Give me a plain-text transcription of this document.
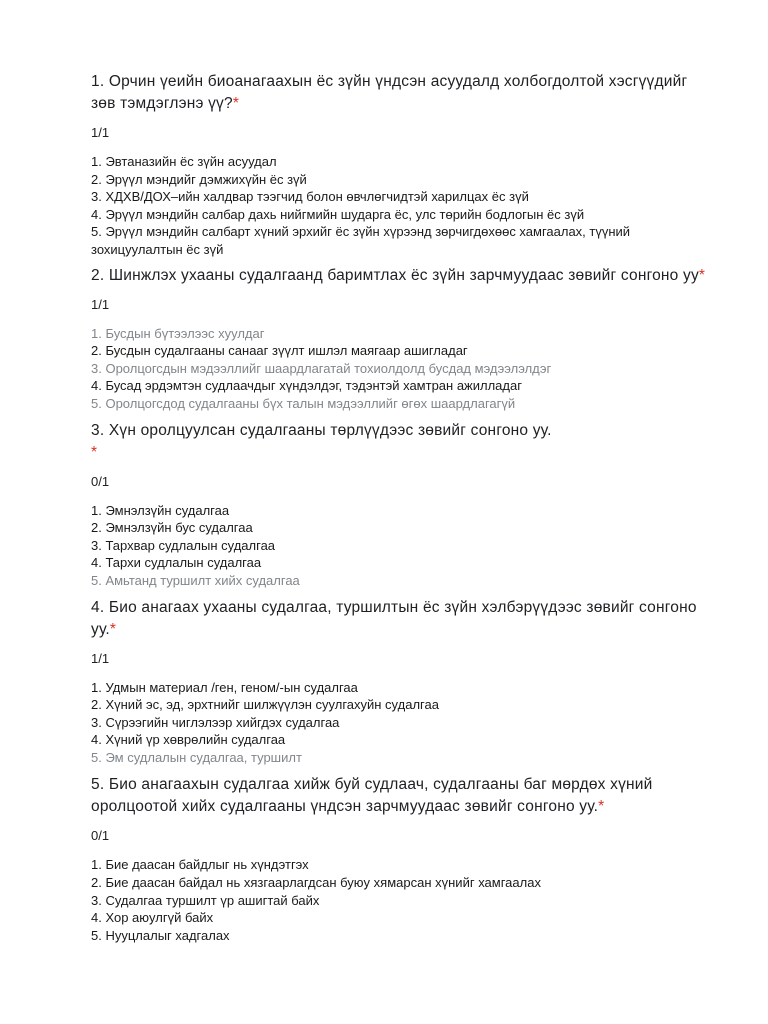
1. Орчин үеийн биоанагаахын ёс зүйн үндсэн асуудалд холбогдолтой хэсгүүдийг зөв тэмдэглэнэ үү?*

1/1
1. Эвтаназийн ёс зүйн асуудал
2. Эрүүл мэндийг дэмжихүйн ёс зүй
3. ХДХВ/ДОХ–ийн халдвар тээгчид болон өвчлөгчидтэй харилцах ёс зүй
4. Эрүүл мэндийн салбар дахь нийгмийн шударга ёс, улс төрийн бодлогын ёс зүй
5. Эрүүл мэндийн салбарт хүний эрхийг ёс зүйн хүрээнд зөрчигдөхөөс хамгаалах, түүний зохицуулалтын ёс зүй

2. Шинжлэх ухааны судалгаанд баримтлах ёс зүйн зарчмуудаас зөвийг сонгоно уу*

1/1
1. Бусдын бүтээлээс хуулдаг
2. Бусдын судалгааны санааг зүүлт ишлэл маягаар ашигладаг
3. Оролцогсдын мэдээллийг шаардлагатай тохиолдолд бусдад мэдээлэлдэг
4. Бусад эрдэмтэн судлаачдыг хүндэлдэг, тэдэнтэй хамтран ажилладаг
5. Оролцогсдод судалгааны бүх талын мэдээллийг өгөх шаардлагагүй

3. Хүн оролцуулсан судалгааны төрлүүдээс зөвийг сонгоно уу.
*

0/1
1. Эмнэлзүйн судалгаа
2. Эмнэлзүйн бус судалгаа
3. Тархвар судлалын судалгаа
4. Тархи судлалын судалгаа
5. Амьтанд туршилт хийх судалгаа

4. Био анагаах ухааны судалгаа, туршилтын ёс зүйн хэлбэрүүдээс зөвийг сонгоно уу.*

1/1
1. Удмын материал /ген, геном/-ын судалгаа
2. Хүний эс, эд, эрхтнийг шилжүүлэн суулгахуйн судалгаа
3. Сүрээгийн чиглэлээр хийгдэх судалгаа
4. Хүний үр хөврөлийн судалгаа
5. Эм судлалын судалгаа, туршилт

5. Био анагаахын судалгаа хийж буй судлаач, судалгааны баг мөрдөх хүний оролцоотой хийх судалгааны үндсэн зарчмуудаас зөвийг сонгоно уу.*

0/1
1. Бие даасан байдлыг нь хүндэтгэх
2. Бие даасан байдал нь хязгаарлагдсан буюу хямарсан хүнийг хамгаалах
3. Судалгаа туршилт үр ашигтай байх
4. Хор аюулгүй байх
5. Нууцлалыг хадгалах
